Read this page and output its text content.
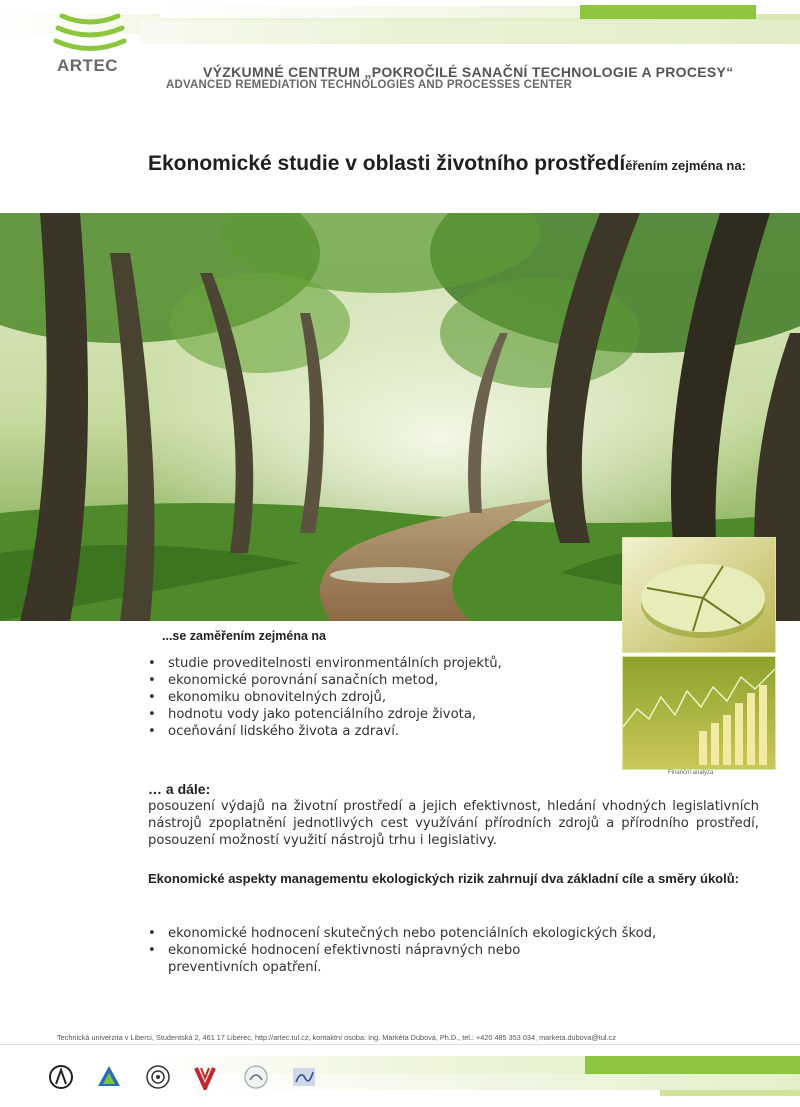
ARTEC	VÝZKUMNÉ CENTRUM „POKROČILÉ SANAČNÍ TECHNOLOGIE A PROCESY“
ADVANCED REMEDIATION TECHNOLOGIES AND PROCESSES CENTER
Ekonomické studie v oblasti životního prostředíěřením zejména na:
Finanční analýza
...se zaměřením zejména na
• studie proveditelnosti environmentálních projektů,
• ekonomické porovnání sanačních metod,
• ekonomiku obnovitelných zdrojů,
• hodnotu vody jako potenciálního zdroje života,
• oceňování lidského života a zdraví.
… a dále:
posouzení výdajů na životní prostředí a jejich efektivnost, hledání vhodných legislativních nástrojů zpoplatnění jednotlivých cest využívání přírodních zdrojů a přírodního prostředí, posouzení možností využití nástrojů trhu i legislativy.
Ekonomické aspekty managementu ekologických rizik zahrnují dva základní cíle a směry úkolů:
• ekonomické hodnocení skutečných nebo potenciálních ekologických škod,
• ekonomické hodnocení efektivnosti nápravných nebo preventivních opatření.
Technická univerzita v Liberci, Studentská 2, 461 17 Liberec, http://artec.tul.cz, kontaktní osoba: Ing. Markéta Dubová, Ph.D., tel.: +420 485 353 034, marketa.dubova@tul.cz
